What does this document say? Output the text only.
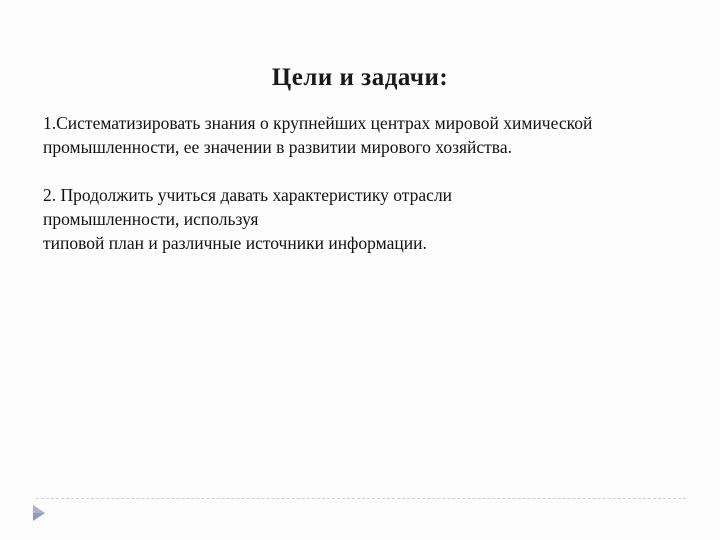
Цели и задачи:

1.Систематизировать знания о крупнейших центрах мировой химической
промышленности, ее значении в развитии мирового хозяйства.

2. Продолжить учиться давать характеристику отрасли
промышленности, используя
типовой план и различные источники информации.
